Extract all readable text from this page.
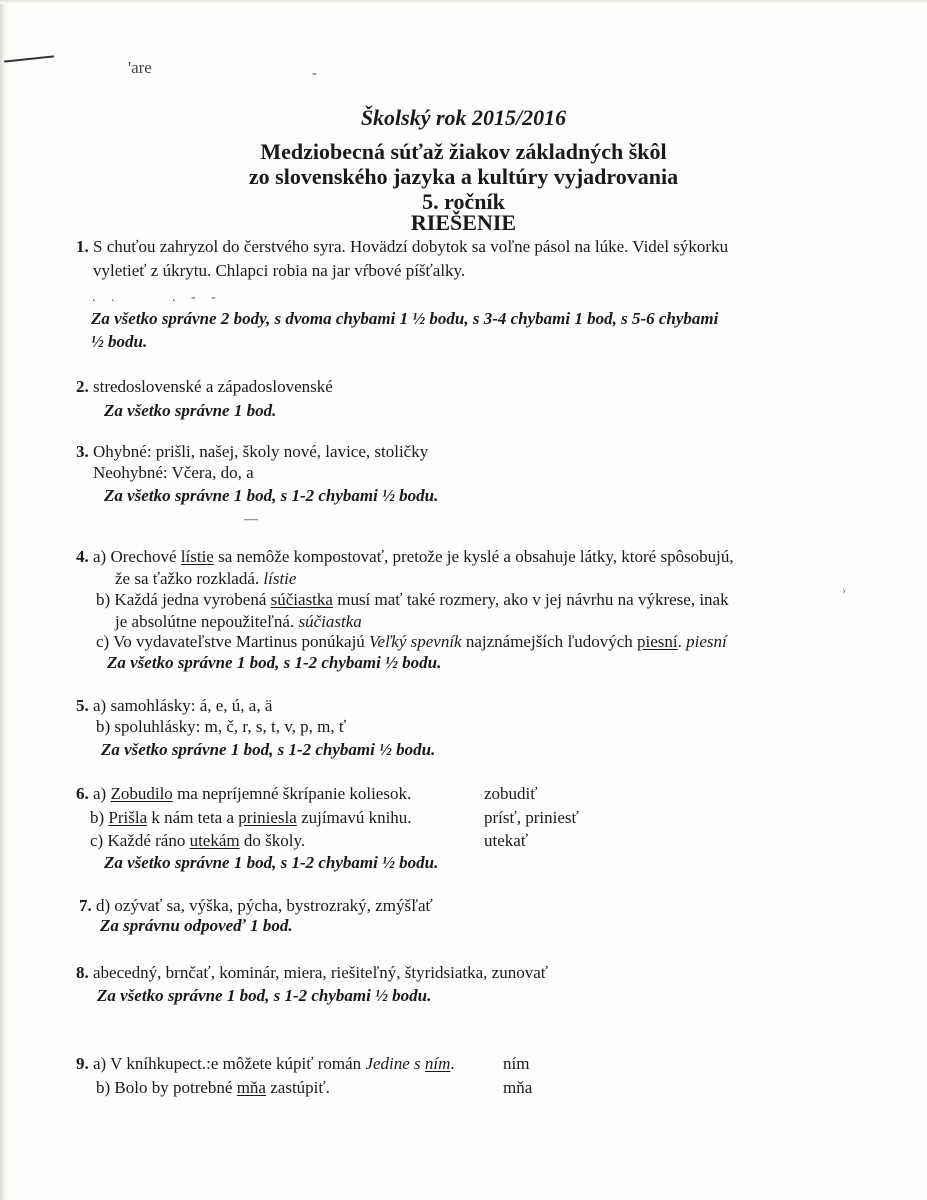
'are	-
. .	. - -
—
›
Školský rok 2015/2016
Medziobecná súťaž žiakov základných škôl
zo slovenského jazyka a kultúry vyjadrovania
5. ročník
RIEŠENIE
1. S chuťou zahryzol do čerstvého syra. Hovädzí dobytok sa voľne pásol na lúke. Videl sýkorku
vyletieť z úkrytu. Chlapci robia na jar vŕbové píšťalky.
Za všetko správne 2 body, s dvoma chybami 1 ½ bodu, s 3-4 chybami 1 bod, s 5-6 chybami
½ bodu.
2. stredoslovenské a západoslovenské
Za všetko správne 1 bod.
3. Ohybné: prišli, našej, školy nové, lavice, stoličky
Neohybné: Včera, do, a
Za všetko správne 1 bod, s 1-2 chybami ½ bodu.
4. a) Orechové lístie sa nemôže kompostovať, pretože je kyslé a obsahuje látky, ktoré spôsobujú,
že sa ťažko rozkladá. lístie
b) Každá jedna vyrobená súčiastka musí mať také rozmery, ako v jej návrhu na výkrese, inak
je absolútne nepoužiteľná. súčiastka
c) Vo vydavateľstve Martinus ponúkajú Veľký spevník najznámejších ľudových piesní. piesní
Za všetko správne 1 bod, s 1-2 chybami ½ bodu.
5. a) samohlásky: á, e, ú, a, ä
b) spoluhlásky: m, č, r, s, t, v, p, m, ť
Za všetko správne 1 bod, s 1-2 chybami ½ bodu.
6. a) Zobudilo ma nepríjemné škrípanie koliesok.	zobudiť
b) Prišla k nám teta a priniesla zujímavú knihu.	prísť, priniesť
c) Každé ráno utekám do školy.	utekať
Za všetko správne 1 bod, s 1-2 chybami ½ bodu.
7. d) ozývať sa, výška, pýcha, bystrozraký, zmýšľať
Za správnu odpoveď 1 bod.
8. abecedný, brnčať, kominár, miera, riešiteľný, štyridsiatka, zunovať
Za všetko správne 1 bod, s 1-2 chybami ½ bodu.
9. a) V kníhkupect.:e môžete kúpiť román Jedine s ním.	ním
b) Bolo by potrebné mňa zastúpiť.	mňa
